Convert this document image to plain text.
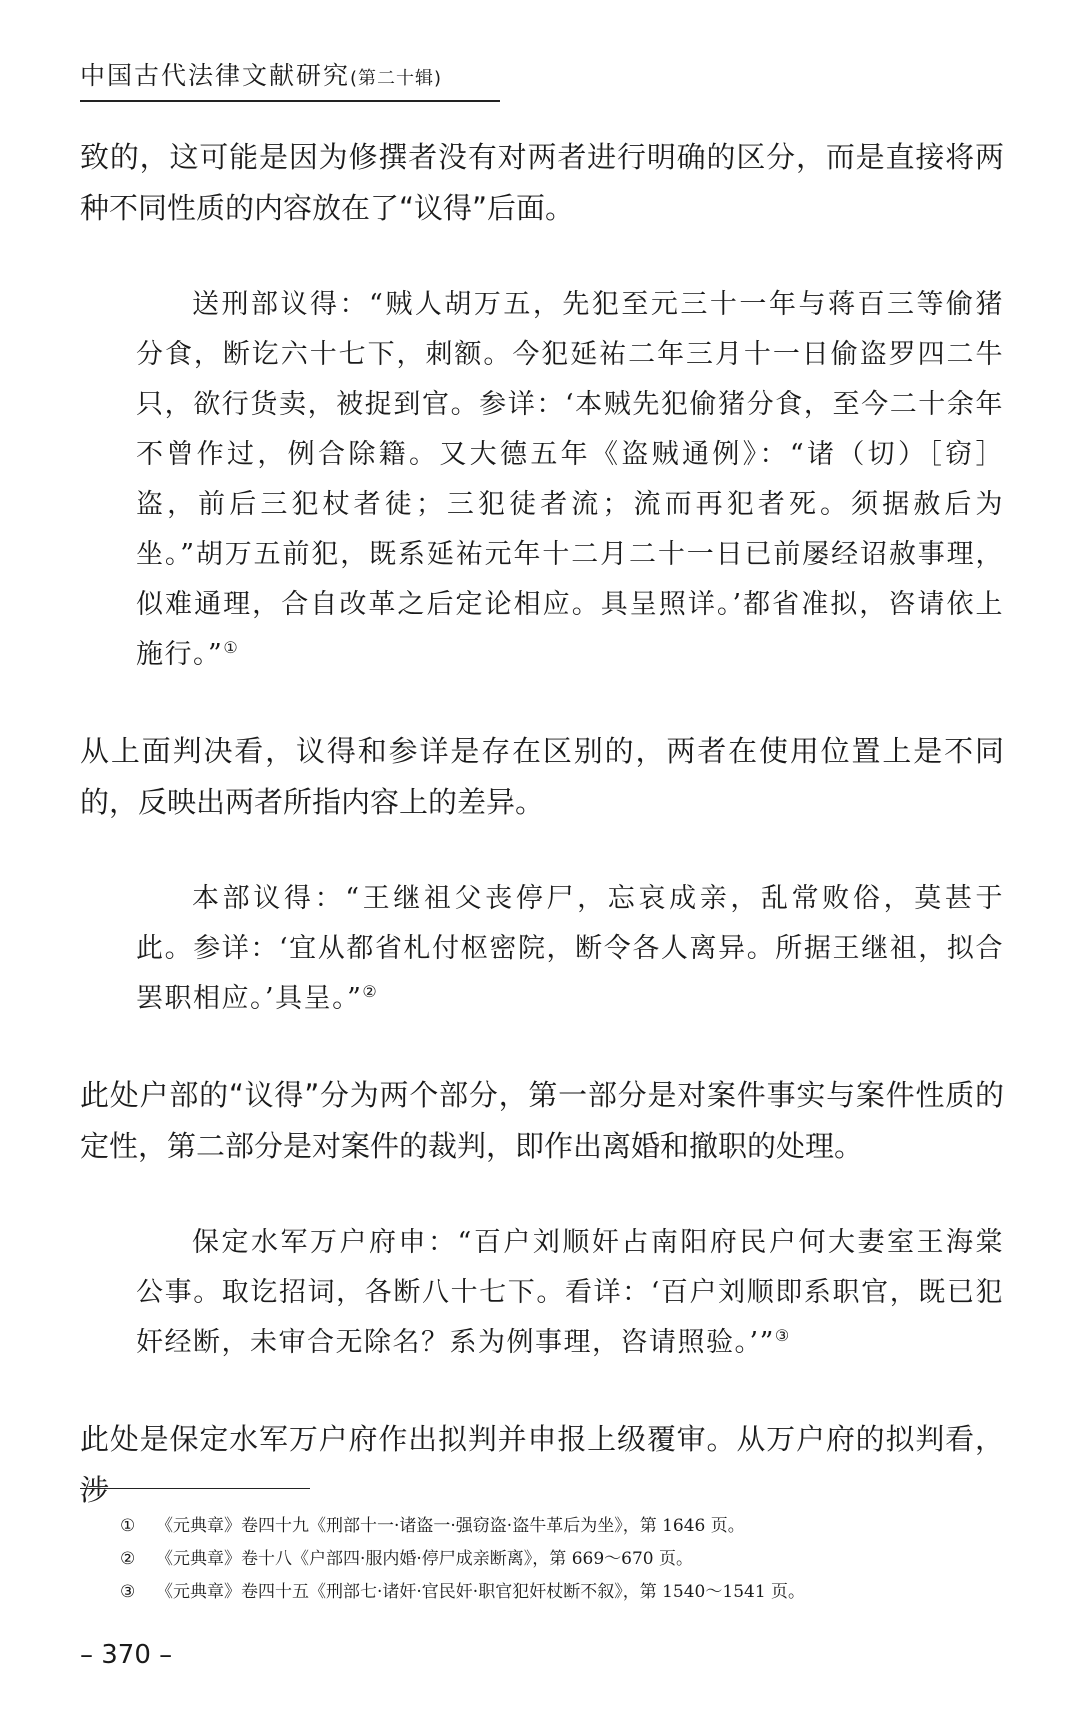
中国古代法律文献研究(第二十辑)

致的，这可能是因为修撰者没有对两者进行明确的区分，而是直接将两种不同性质的内容放在了“议得”后面。

送刑部议得：“贼人胡万五，先犯至元三十一年与蒋百三等偷猪分食，断讫六十七下，刺额。今犯延祐二年三月十一日偷盗罗四二牛只，欲行货卖，被捉到官。参详：‘本贼先犯偷猪分食，至今二十余年不曾作过，例合除籍。又大德五年《盗贼通例》：“诸（切）［窃］盗，前后三犯杖者徒；三犯徒者流；流而再犯者死。须据赦后为坐。”胡万五前犯，既系延祐元年十二月二十一日已前屡经诏赦事理，似难通理，合自改革之后定论相应。具呈照详。’都省准拟，咨请依上施行。”①

从上面判决看，议得和参详是存在区别的，两者在使用位置上是不同的，反映出两者所指内容上的差异。

本部议得：“王继祖父丧停尸，忘哀成亲，乱常败俗，莫甚于此。参详：‘宜从都省札付枢密院，断令各人离异。所据王继祖，拟合罢职相应。’具呈。”②

此处户部的“议得”分为两个部分，第一部分是对案件事实与案件性质的定性，第二部分是对案件的裁判，即作出离婚和撤职的处理。

保定水军万户府申：“百户刘顺奸占南阳府民户何大妻室王海棠公事。取讫招词，各断八十七下。看详：‘百户刘顺即系职官，既已犯奸经断，未审合无除名？系为例事理，咨请照验。’”③

此处是保定水军万户府作出拟判并申报上级覆审。从万户府的拟判看，涉

① 《元典章》卷四十九《刑部十一·诸盗一·强窃盗·盗牛革后为坐》，第 1646 页。
② 《元典章》卷十八《户部四·服内婚·停尸成亲断离》，第 669～670 页。
③ 《元典章》卷四十五《刑部七·诸奸·官民奸·职官犯奸杖断不叙》，第 1540～1541 页。
– 370 –
